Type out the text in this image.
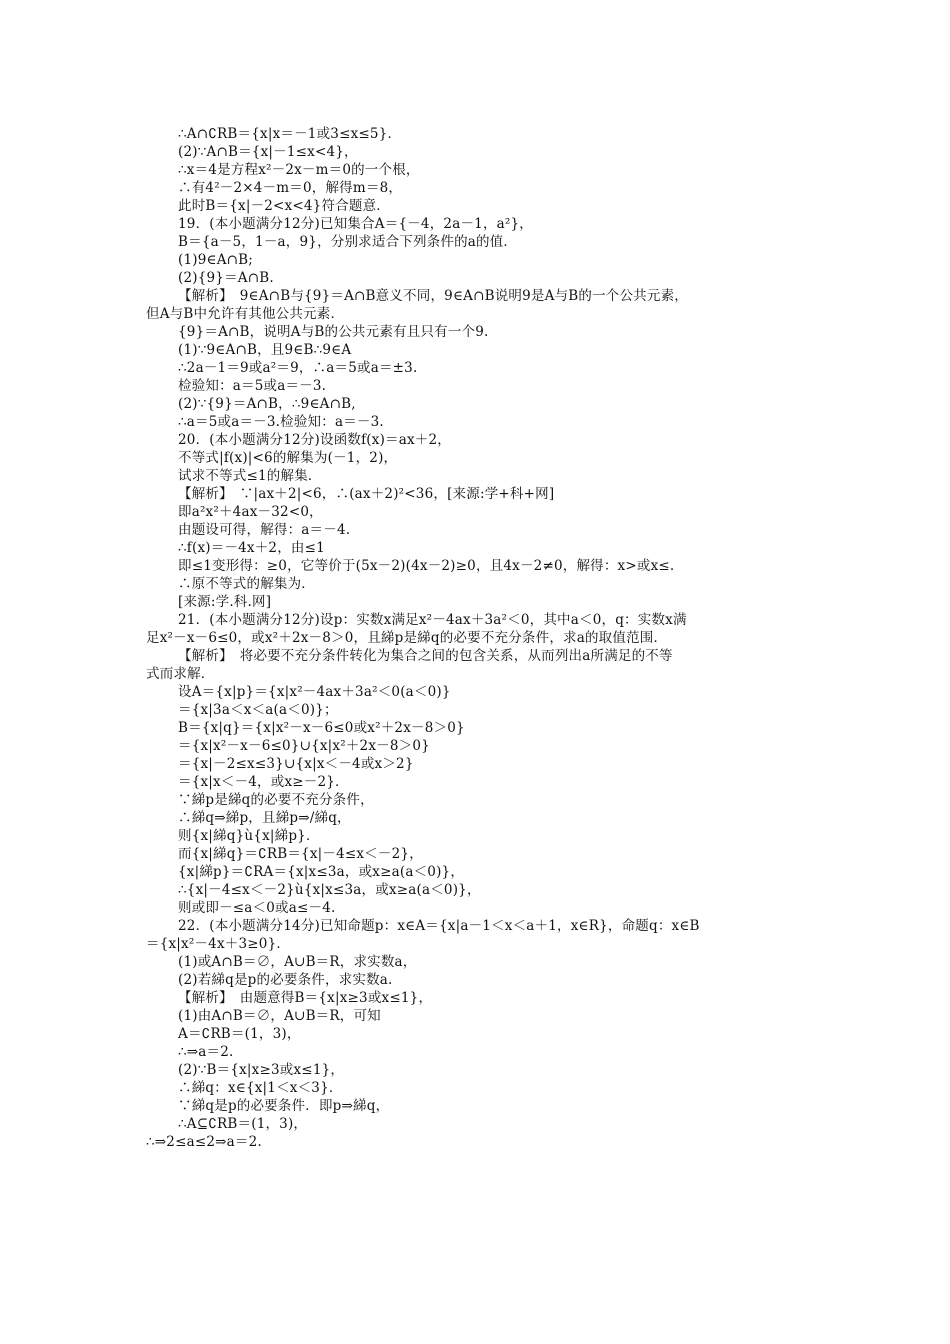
∴A∩∁RB＝{x|x＝－1或3≤x≤5}．
(2)∵A∩B＝{x|－1≤x<4}，
∴x＝4是方程x²－2x－m＝0的一个根，
∴有4²－2×4－m＝0，解得m＝8，
此时B＝{x|－2<x<4}符合题意．
19．(本小题满分12分)已知集合A＝{－4，2a－1，a²}，
B＝{a－5，1－a，9}，分别求适合下列条件的a的值．
(1)9∈A∩B;
(2){9}＝A∩B.
【解析】　9∈A∩B与{9}＝A∩B意义不同，9∈A∩B说明9是A与B的一个公共元素，
但A与B中允许有其他公共元素．
{9}＝A∩B，说明A与B的公共元素有且只有一个9.
(1)∵9∈A∩B，且9∈B∴9∈A
∴2a－1＝9或a²＝9，∴a＝5或a＝±3.
检验知：a＝5或a＝－3.
(2)∵{9}＝A∩B，∴9∈A∩B,
∴a＝5或a＝－3.检验知：a＝－3.
20．(本小题满分12分)设函数f(x)＝ax＋2，
不等式|f(x)|<6的解集为(－1，2)，
试求不等式≤1的解集．
【解析】　∵|ax＋2|<6，∴(ax＋2)²<36，[来源:学+科+网]
即a²x²＋4ax－32<0，
由题设可得，解得：a＝－4.
∴f(x)＝－4x＋2，由≤1
即≤1变形得：≥0，它等价于(5x－2)(4x－2)≥0，且4x－2≠0，解得：x>或x≤.
∴原不等式的解集为．
[来源:学.科.网]
21．(本小题满分12分)设p：实数x满足x²－4ax＋3a²＜0，其中a＜0，q：实数x满
足x²－x－6≤0，或x²＋2x－8＞0，且綈p是綈q的必要不充分条件，求a的取值范围．
【解析】　将必要不充分条件转化为集合之间的包含关系，从而列出a所满足的不等
式而求解．
设A＝{x|p}＝{x|x²－4ax＋3a²＜0(a＜0)}
＝{x|3a＜x＜a(a＜0)}；
B＝{x|q}＝{x|x²－x－6≤0或x²＋2x－8＞0}
＝{x|x²－x－6≤0}∪{x|x²＋2x－8＞0}
＝{x|－2≤x≤3}∪{x|x＜－4或x＞2}
＝{x|x＜－4，或x≥－2}．
∵綈p是綈q的必要不充分条件，
∴綈q⇒綈p，且綈p⇒/綈q，
则{x|綈q}ù{x|綈p}．
而{x|綈q}＝∁RB＝{x|－4≤x＜－2}，
{x|綈p}＝∁RA＝{x|x≤3a，或x≥a(a＜0)}，
∴{x|－4≤x＜－2}ù{x|x≤3a，或x≥a(a＜0)}，
则或即－≤a＜0或a≤－4.
22．(本小题满分14分)已知命题p：x∈A＝{x|a－1＜x＜a＋1，x∈R}，命题q：x∈B
＝{x|x²－4x＋3≥0}．
(1)或A∩B＝∅，A∪B＝R，求实数a，
(2)若綈q是p的必要条件，求实数a.
【解析】　由题意得B＝{x|x≥3或x≤1}，
(1)由A∩B＝∅，A∪B＝R，可知
A＝∁RB＝(1，3)，
∴⇒a＝2.
(2)∵B＝{x|x≥3或x≤1}，
∴綈q：x∈{x|1＜x＜3}．
∵綈q是p的必要条件．即p⇒綈q，
∴A⊆∁RB＝(1，3)，
∴⇒2≤a≤2⇒a＝2.
